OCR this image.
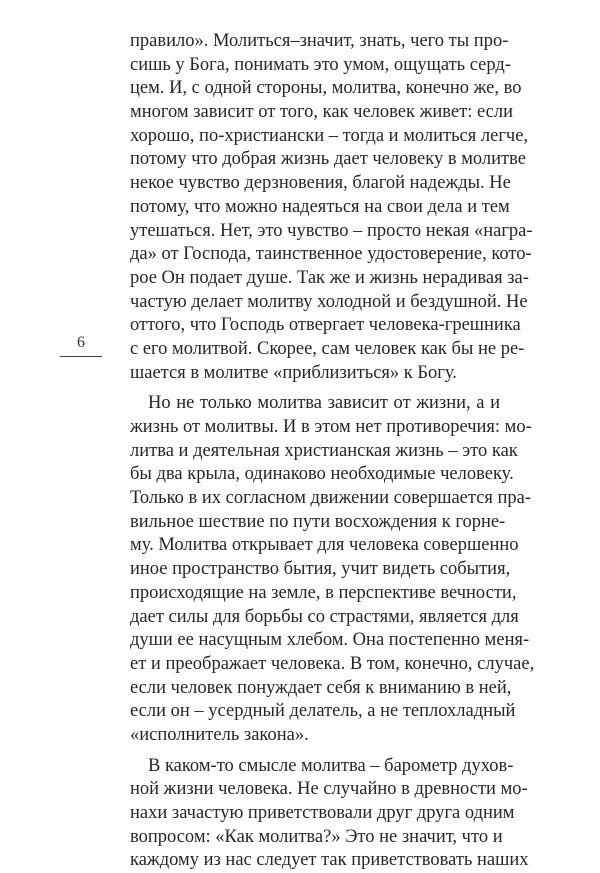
6
правило». Молиться–значит, знать, чего ты про-
сишь у Бога, понимать это умом, ощущать серд-
цем. И, с одной стороны, молитва, конечно же, во
многом зависит от того, как человек живет: если
хорошо, по-христиански – тогда и молиться легче,
потому что добрая жизнь дает человеку в молитве
некое чувство дерзновения, благой надежды. Не
потому, что можно надеяться на свои дела и тем
утешаться. Нет, это чувство – просто некая «награ-
да» от Господа, таинственное удостоверение, кото-
рое Он подает душе. Так же и жизнь нерадивая за-
частую делает молитву холодной и бездушной. Не
оттого, что Господь отвергает человека-грешника
с его молитвой. Скорее, сам человек как бы не ре-
шается в молитве «приблизиться» к Богу.
Но не только молитва зависит от жизни, а и
жизнь от молитвы. И в этом нет противоречия: мо-
литва и деятельная христианская жизнь – это как
бы два крыла, одинаково необходимые человеку.
Только в их согласном движении совершается пра-
вильное шествие по пути восхождения к горне-
му. Молитва открывает для человека совершенно
иное пространство бытия, учит видеть события,
происходящие на земле, в перспективе вечности,
дает силы для борьбы со страстями, является для
души ее насущным хлебом. Она постепенно меня-
ет и преображает человека. В том, конечно, случае,
если человек понуждает себя к вниманию в ней,
если он – усердный делатель, а не теплохладный
«исполнитель закона».
В каком-то смысле молитва – барометр духов-
ной жизни человека. Не случайно в древности мо-
нахи зачастую приветствовали друг друга одним
вопросом: «Как молитва?» Это не значит, что и
каждому из нас следует так приветствовать наших
